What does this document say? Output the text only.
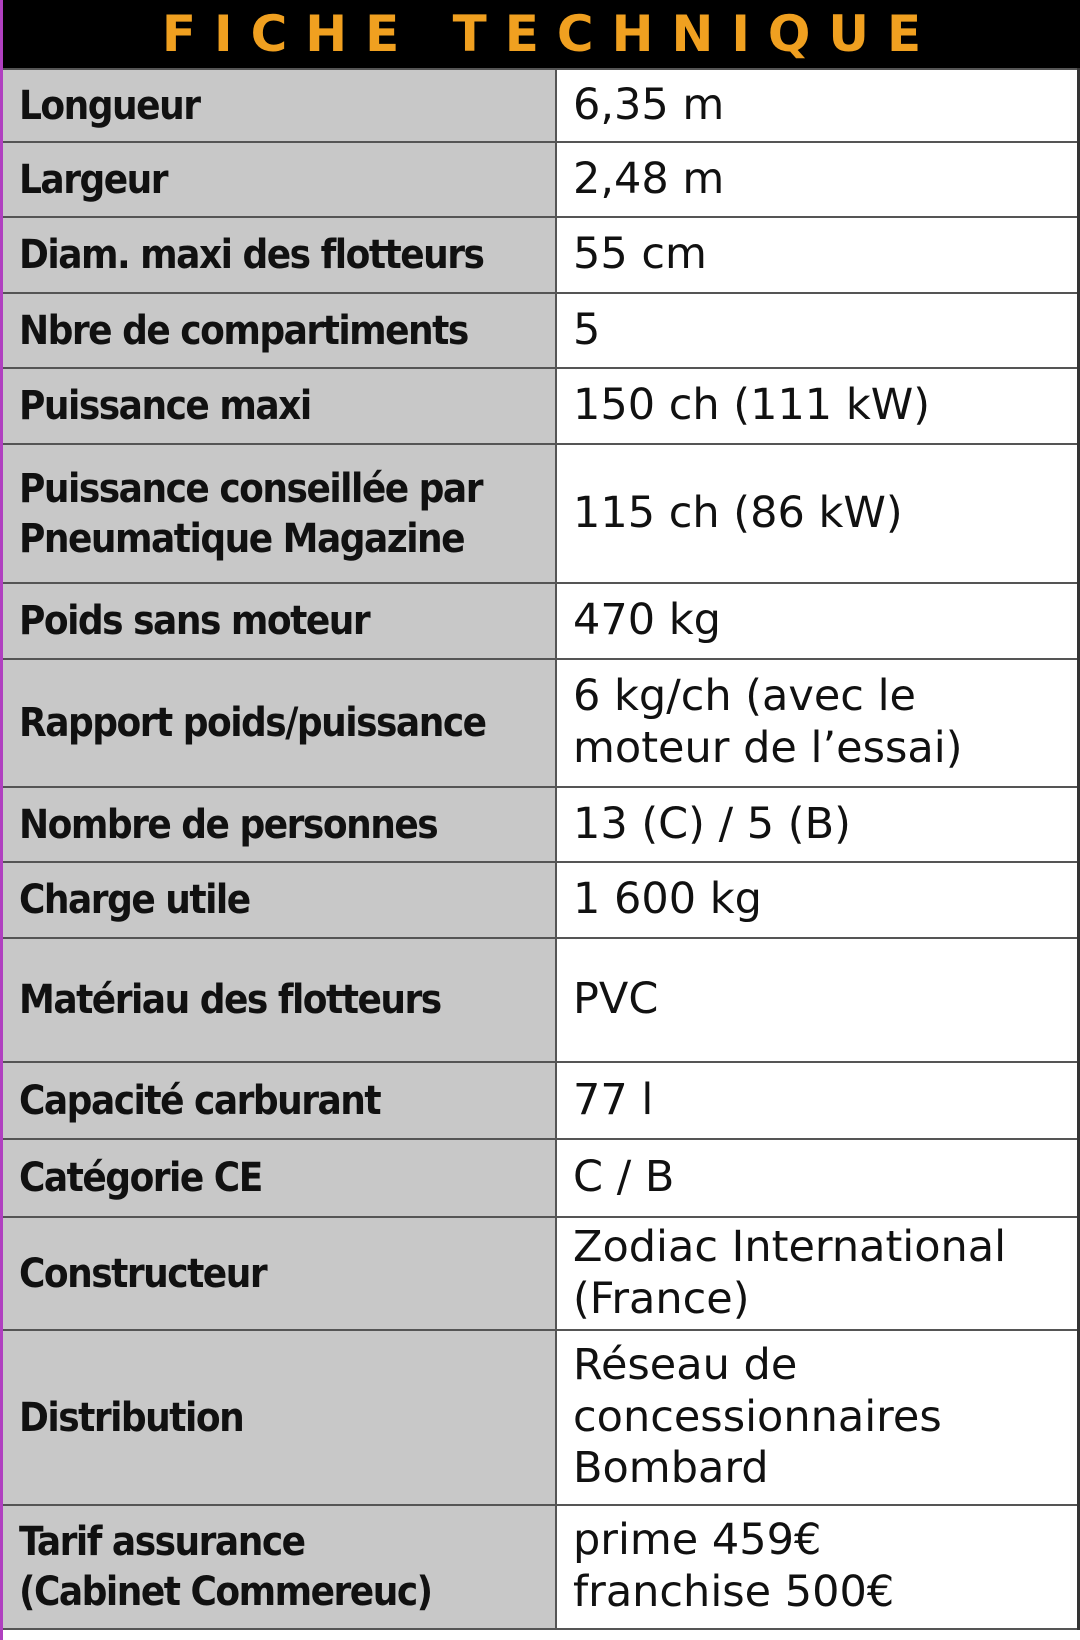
FICHE TECHNIQUE
Longueur	6,35 m

Largeur	2,48 m

Diam. maxi des flotteurs	55 cm

Nbre de compartiments	5

Puissance maxi	150 ch (111 kW)

Puissance conseillée par
Pneumatique Magazine	115 ch (86 kW)

Poids sans moteur	470 kg

Rapport poids/puissance	6 kg/ch (avec le
moteur de l’essai)

Nombre de personnes	13 (C) / 5 (B)

Charge utile	1 600 kg

Matériau des flotteurs	PVC

Capacité carburant	77 l

Catégorie CE	C / B

Constructeur	Zodiac International
(France)

Distribution	Réseau de
concessionnaires
Bombard

Tarif assurance
(Cabinet Commereuc)	prime 459€
franchise 500€
